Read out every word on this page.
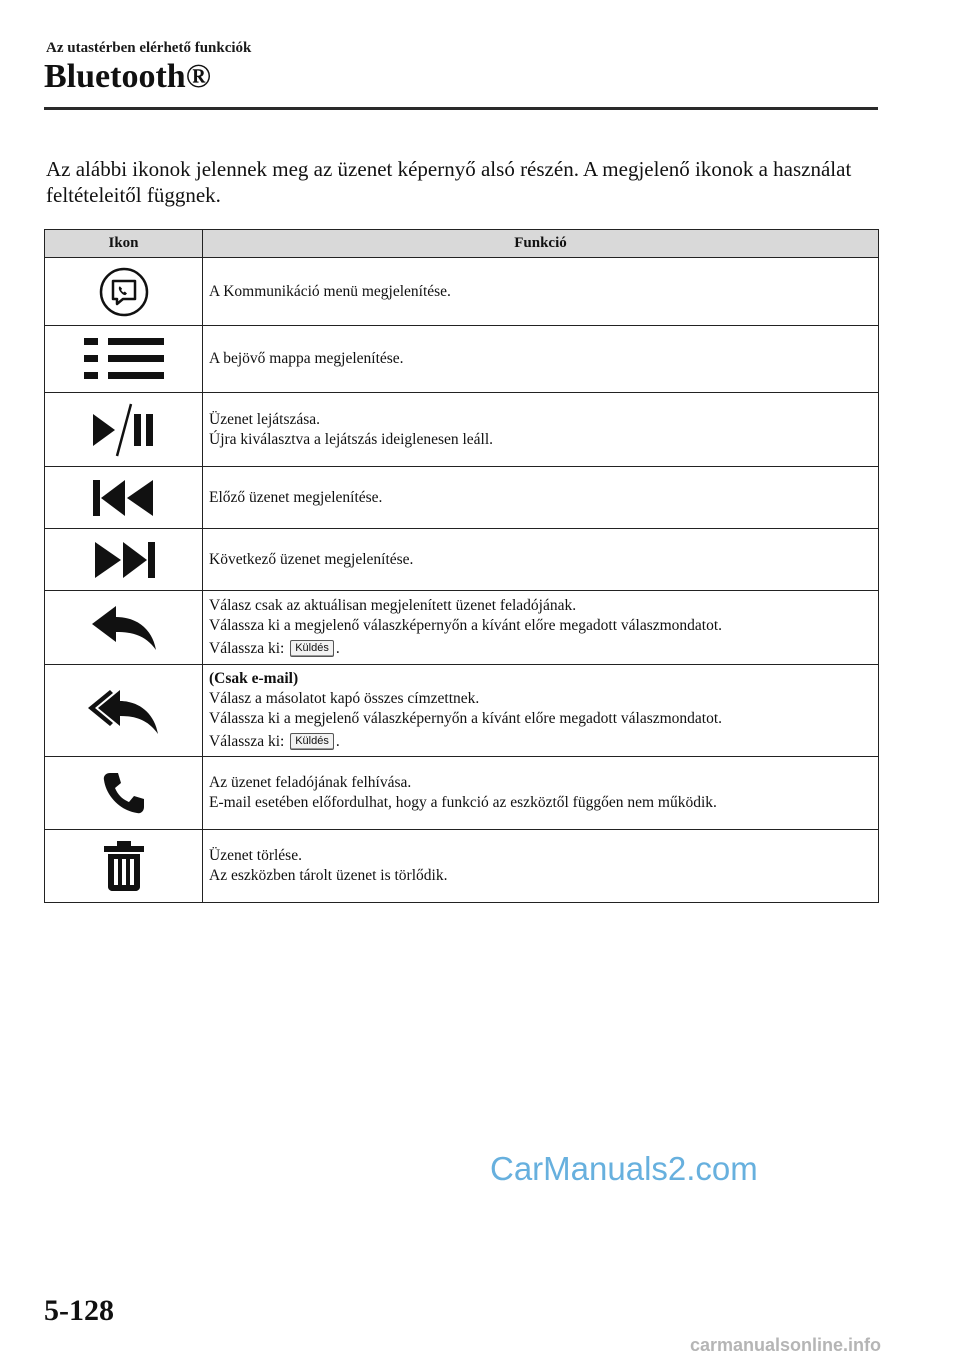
Az utastérben elérhető funkciók
Bluetooth®
Az alábbi ikonok jelennek meg az üzenet képernyő alsó részén. A megjelenő ikonok a használat feltételeitől függnek.
Ikon	Funkció

A Kommunikáció menü megjelenítése.

A bejövő mappa megjelenítése.

Üzenet lejátszása.
Újra kiválasztva a lejátszás ideiglenesen leáll.

Előző üzenet megjelenítése.

Következő üzenet megjelenítése.

Válasz csak az aktuálisan megjelenített üzenet feladójának.
Válassza ki a megjelenő válaszképernyőn a kívánt előre megadott válaszmondatot.
Válassza ki: Küldés .

(Csak e-mail)
Válasz a másolatot kapó összes címzettnek.
Válassza ki a megjelenő válaszképernyőn a kívánt előre megadott válaszmondatot.
Válassza ki: Küldés .

Az üzenet feladójának felhívása.
E-mail esetében előfordulhat, hogy a funkció az eszköztől függően nem működik.

Üzenet törlése.
Az eszközben tárolt üzenet is törlődik.
CarManuals2.com
5-128
carmanualsonline.info
